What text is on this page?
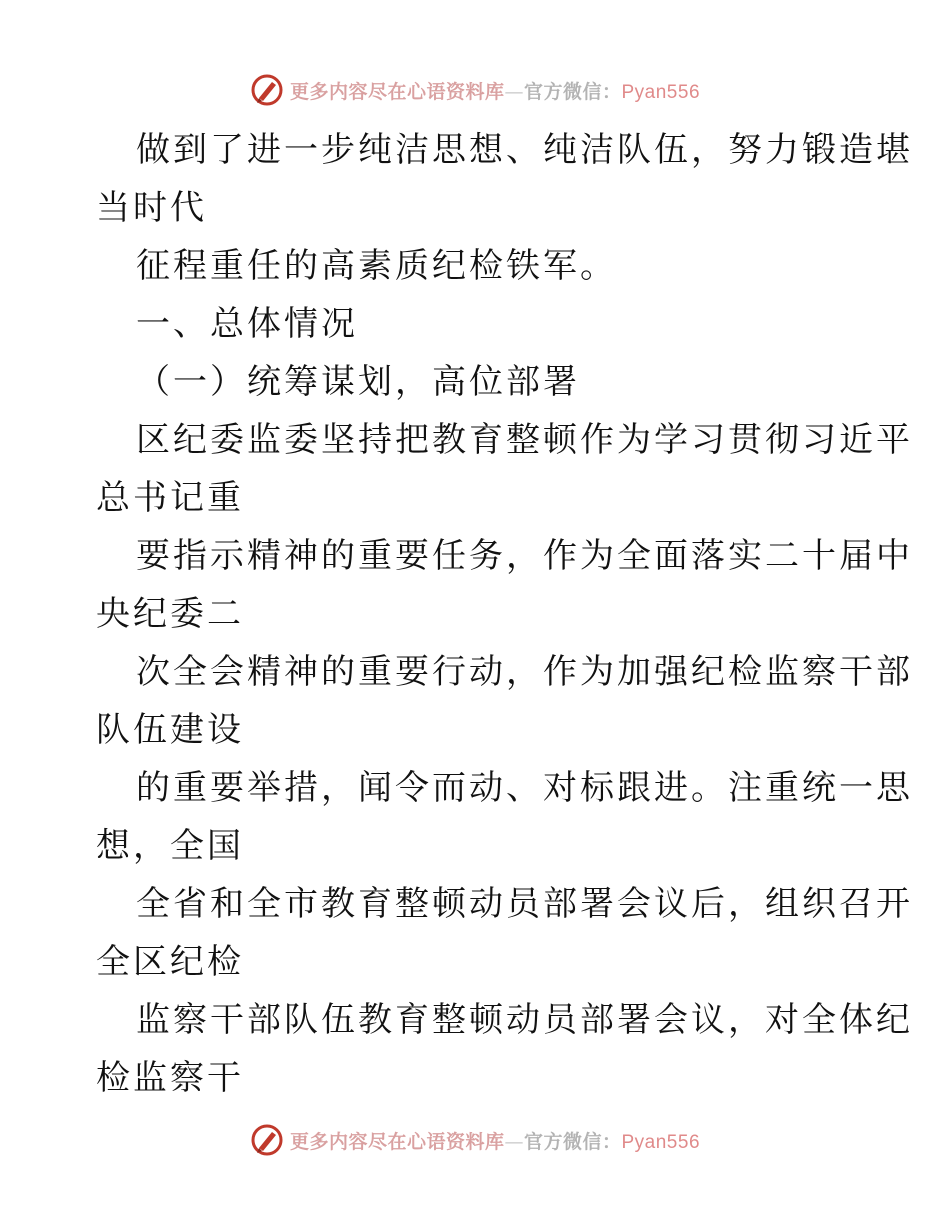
更多内容尽在心语资料库—官方微信：Pyan556
做到了进一步纯洁思想、纯洁队伍，努力锻造堪
当时代
征程重任的高素质纪检铁军。
一、总体情况
（一）统筹谋划，高位部署
区纪委监委坚持把教育整顿作为学习贯彻习近平
总书记重
要指示精神的重要任务，作为全面落实二十届中
央纪委二
次全会精神的重要行动，作为加强纪检监察干部
队伍建设
的重要举措，闻令而动、对标跟进。注重统一思
想，全国
全省和全市教育整顿动员部署会议后，组织召开
全区纪检
监察干部队伍教育整顿动员部署会议，对全体纪
检监察干
更多内容尽在心语资料库—官方微信：Pyan556
